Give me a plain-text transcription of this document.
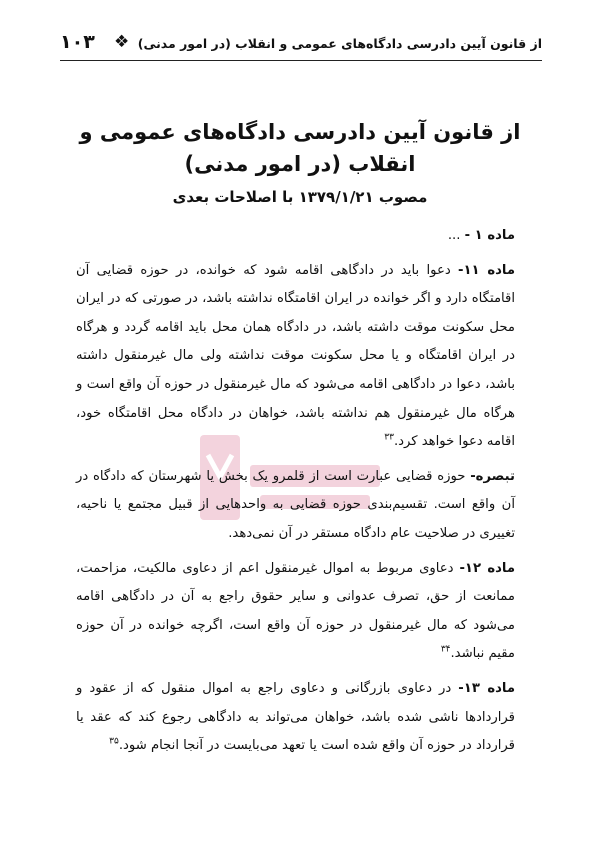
از قانون آیین دادرسی دادگاه‌های عمومی و انقلاب (در امور مدنی)
❖
۱۰۳
از قانون آیین دادرسی دادگاه‌های عمومی و انقلاب (در امور مدنی)
مصوب ۱۳۷۹/۱/۲۱ با اصلاحات بعدی

ماده ۱ - ...

ماده ۱۱- دعوا باید در دادگاهی اقامه شود که خوانده، در حوزه قضایی آن اقامتگاه دارد و اگر خوانده در ایران اقامتگاه نداشته باشد، در صورتی که در ایران محل سکونت موقت داشته باشد، در دادگاه همان محل باید اقامه گردد و هرگاه در ایران اقامتگاه و یا محل سکونت موقت نداشته ولی مال غیرمنقول داشته باشد، دعوا در دادگاهی اقامه می‌شود که مال غیرمنقول در حوزه آن واقع است و هرگاه مال غیرمنقول هم نداشته باشد، خواهان در دادگاه محل اقامتگاه خود، اقامه دعوا خواهد کرد.$^{۳۳}$

تبصره- حوزه قضایی عبارت است از قلمرو یک بخش یا شهرستان که دادگاه در آن واقع است. تقسیم‌بندی حوزه قضایی به واحدهایی از قبیل مجتمع یا ناحیه، تغییری در صلاحیت عام دادگاه مستقر در آن نمی‌دهد.

ماده ۱۲- دعاوی مربوط به اموال غیرمنقول اعم از دعاوی مالکیت، مزاحمت، ممانعت از حق، تصرف عدوانی و سایر حقوق راجع به آن در دادگاهی اقامه می‌شود که مال غیرمنقول در حوزه آن واقع است، اگرچه خوانده در آن حوزه مقیم نباشد.$^{۳۴}$

ماده ۱۳- در دعاوی بازرگانی و دعاوی راجع به اموال منقول که از عقود و قراردادها ناشی شده باشد، خواهان می‌تواند به دادگاهی رجوع کند که عقد یا قرارداد در حوزه آن واقع شده است یا تعهد می‌بایست در آنجا انجام شود.$^{۳۵}$
